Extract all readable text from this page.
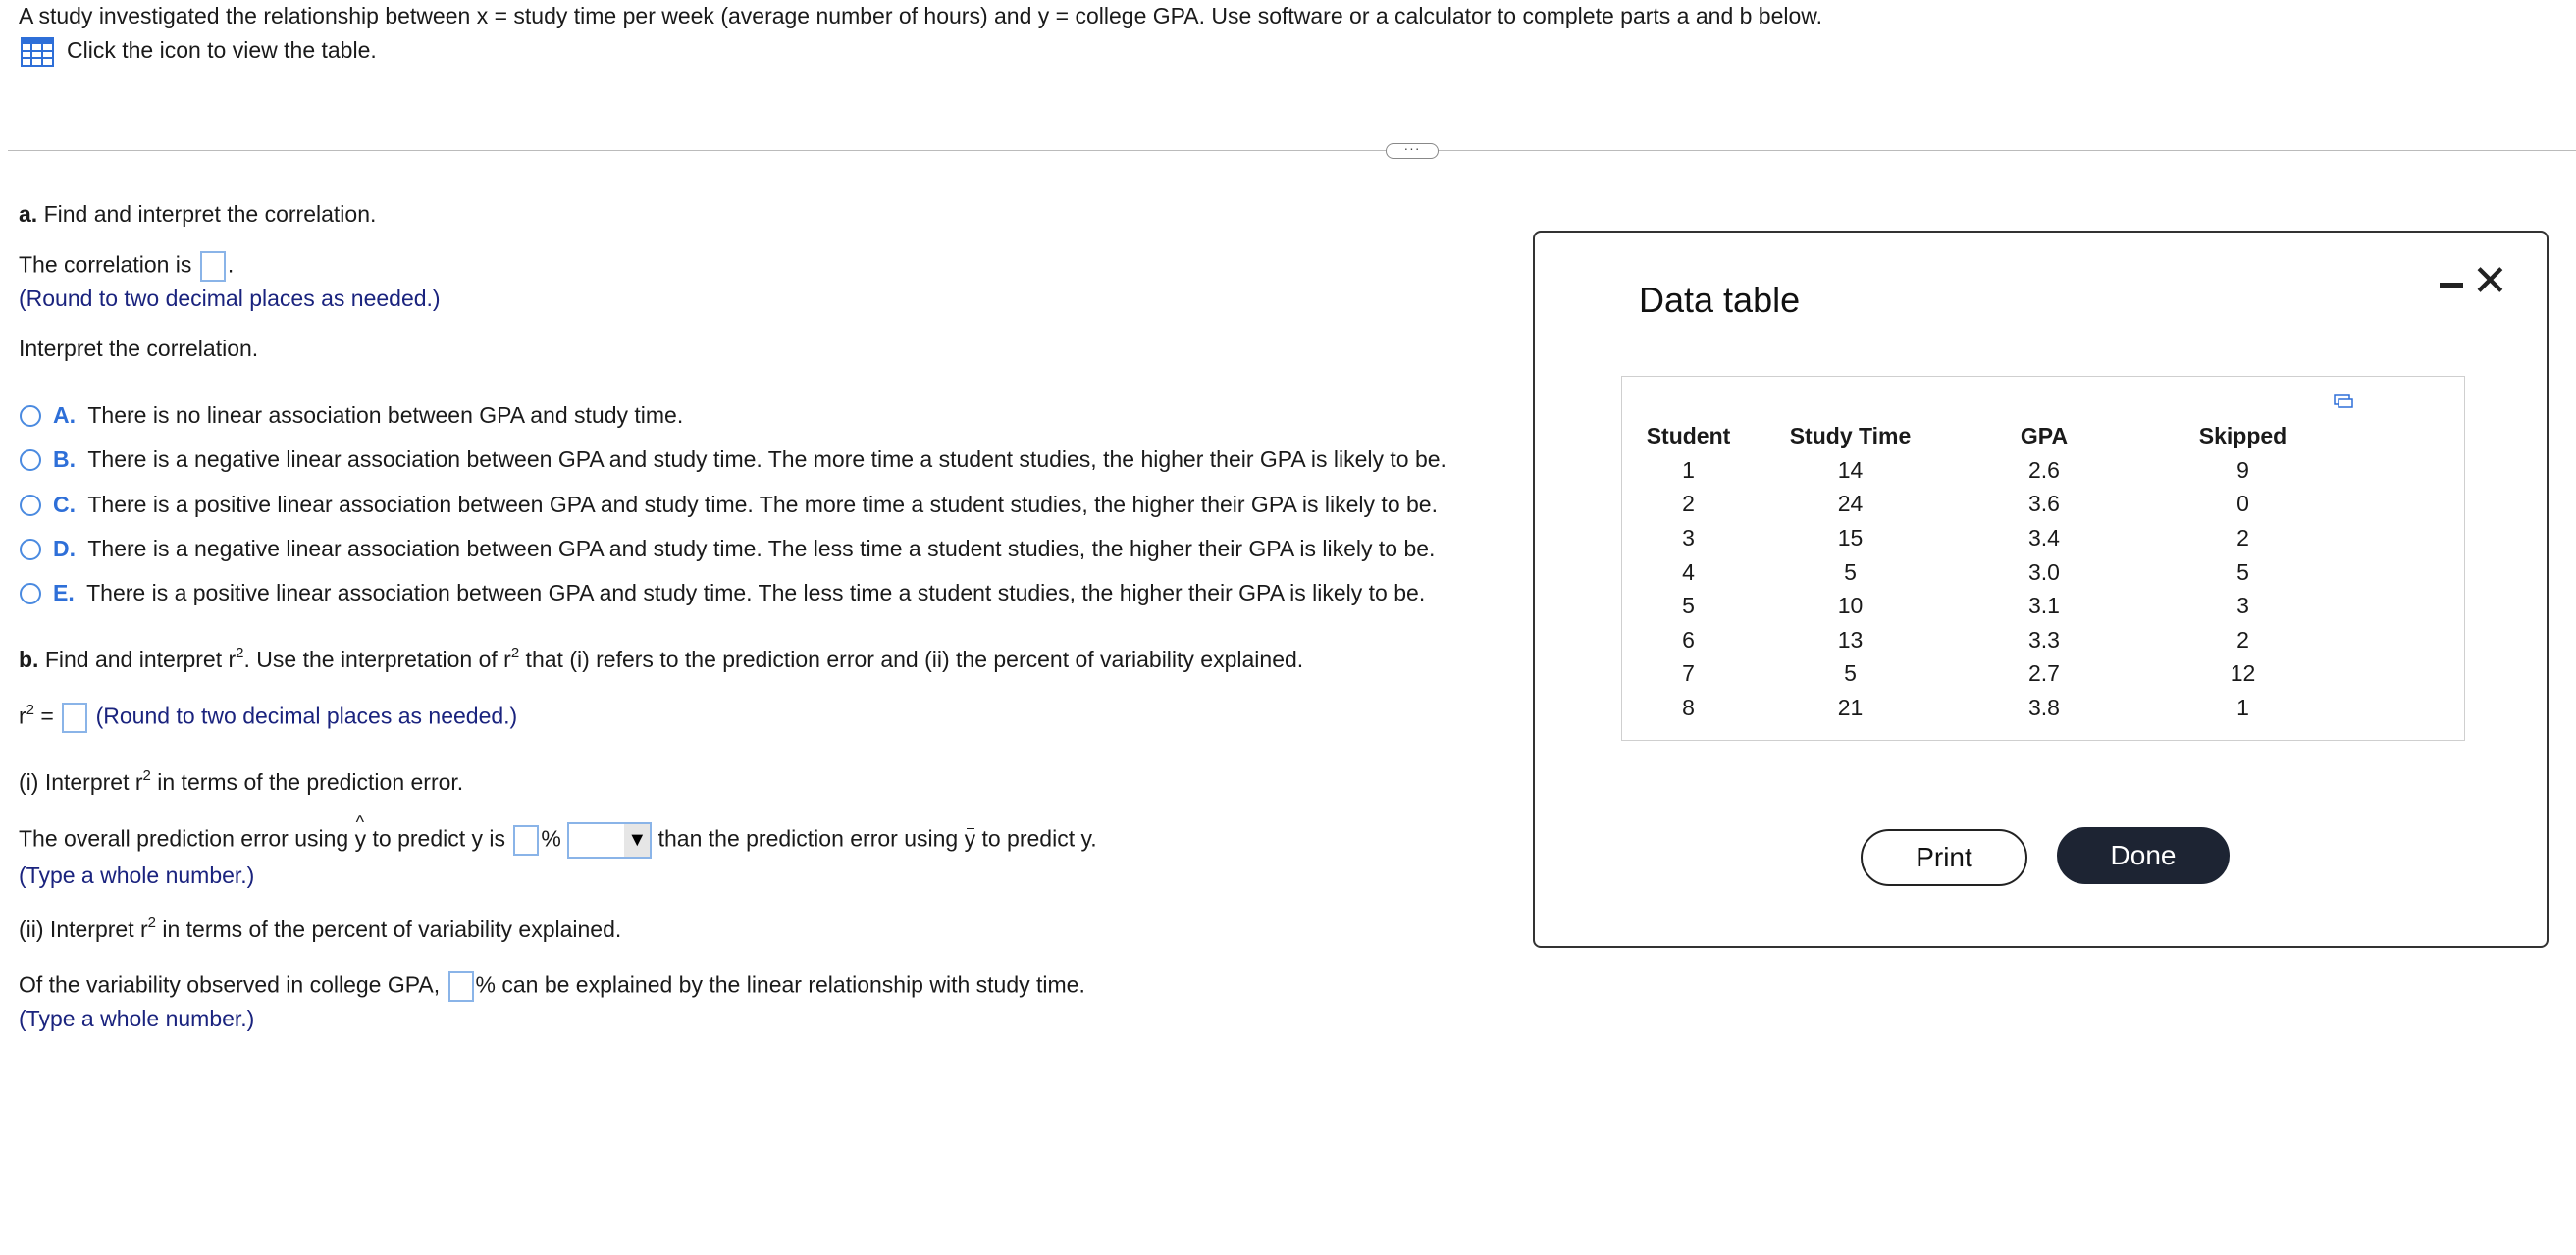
A study investigated the relationship between x = study time per week (average number of hours) and y = college GPA. Use software or a calculator to complete parts a and b below.
Click the icon to view the table.
···
a. Find and interpret the correlation.
The correlation is .
(Round to two decimal places as needed.)
Interpret the correlation.
A. There is no linear association between GPA and study time.
B. There is a negative linear association between GPA and study time. The more time a student studies, the higher their GPA is likely to be.
C. There is a positive linear association between GPA and study time. The more time a student studies, the higher their GPA is likely to be.
D. There is a negative linear association between GPA and study time. The less time a student studies, the higher their GPA is likely to be.
E. There is a positive linear association between GPA and study time. The less time a student studies, the higher their GPA is likely to be.
b. Find and interpret $r^2$. Use the interpretation of $r^2$ that (i) refers to the prediction error and (ii) the percent of variability explained.
$r^2$ = (Round to two decimal places as needed.)
(i) Interpret $r^2$ in terms of the prediction error.
The overall prediction error using ^ y to predict y is %	▼ than the prediction error using y to predict y.
(Type a whole number.)
(ii) Interpret $r^2$ in terms of the percent of variability explained.
Of the variability observed in college GPA, % can be explained by the linear relationship with study time.
(Type a whole number.)
Data table	✕
Student	Study Time	GPA	Skipped
1	14	2.6	9
2	24	3.6	0
3	15	3.4	2
4	5	3.0	5
5	10	3.1	3
6	13	3.3	2
7	5	2.7	12
8	21	3.8	1
Print	Done
